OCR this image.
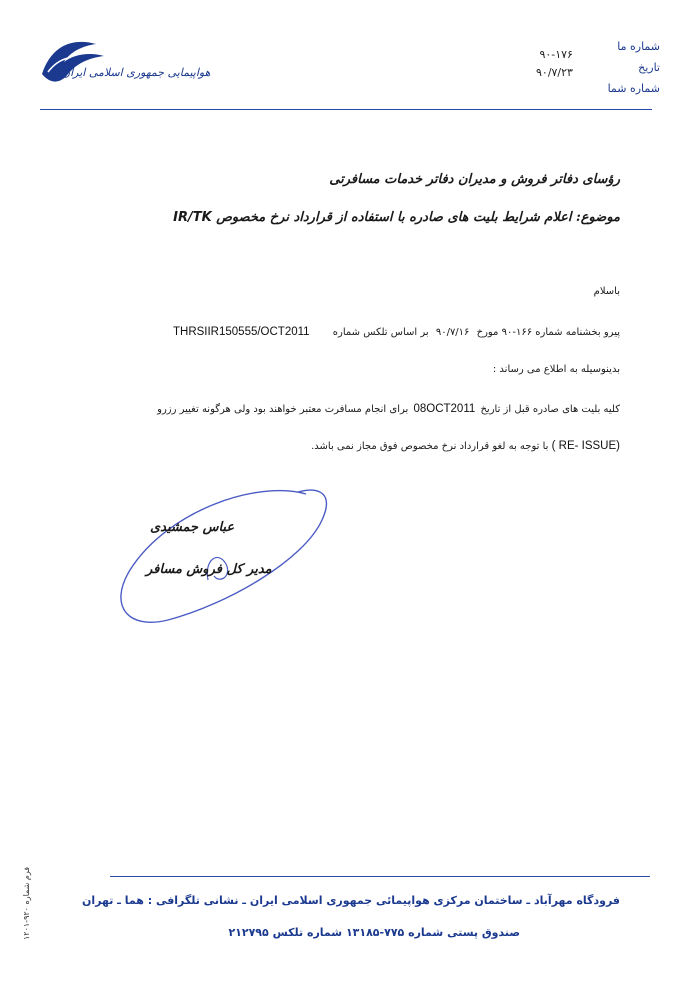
هواپیمایی جمهوری اسلامی ایران
شماره ما
تاریخ
شماره شما
۹۰-۱۷۶
۹۰/۷/۲۳
رؤسای دفاتر فروش و مدیران دفاتر خدمات مسافرتی
موضوع: اعلام شرایط بلیت های صادره با استفاده از قرارداد نرخ مخصوص IR/TK
باسلام
پیرو بخشنامه شماره ۱۶۶-۹۰ مورخ ۹۰/۷/۱۶ بر اساس تلکس شماره THRSIIR150555/OCT2011
بدینوسیله به اطلاع می رساند :
کلیه بلیت های صادره قبل از تاریخ 08OCT2011 برای انجام مسافرت معتبر خواهند بود ولی هرگونه تغییر رزرو
(RE- ISSUE ) با توجه به لغو قرارداد نرخ مخصوص فوق مجاز نمی باشد.
عباس جمشیدی
مدیر کل فروش مسافر
فرودگاه مهرآباد ـ ساختمان مرکزی هواپیمائی جمهوری اسلامی ایران ـ نشانی تلگرافی : هما ـ تهران
صندوق پستی شماره ۷۷۵-۱۳۱۸۵ شماره تلکس ۲۱۲۷۹۵
فرم شماره ۹۲۰-۱۲۰۱
